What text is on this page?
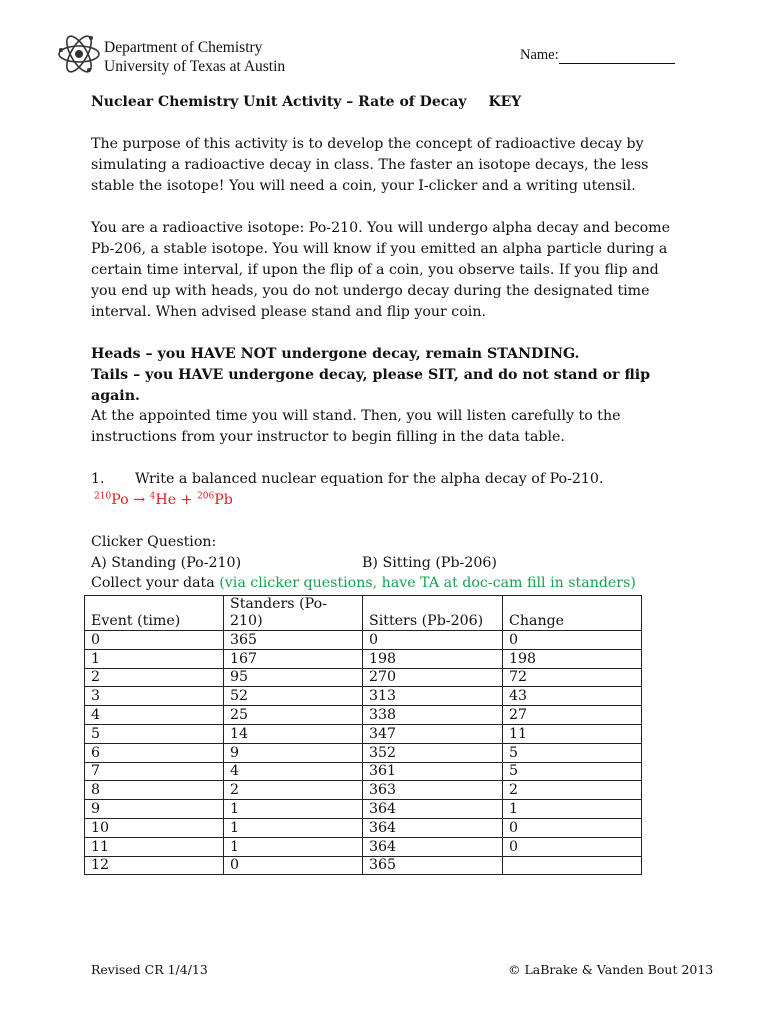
Department of Chemistry
University of Texas at Austin
Name:
Nuclear Chemistry Unit Activity – Rate of Decay KEY
The purpose of this activity is to develop the concept of radioactive decay by simulating a radioactive decay in class. The faster an isotope decays, the less stable the isotope! You will need a coin, your I-clicker and a writing utensil.
You are a radioactive isotope: Po-210. You will undergo alpha decay and become Pb-206, a stable isotope. You will know if you emitted an alpha particle during a certain time interval, if upon the flip of a coin, you observe tails. If you flip and you end up with heads, you do not undergo decay during the designated time interval. When advised please stand and flip your coin.
Heads – you HAVE NOT undergone decay, remain STANDING.
Tails – you HAVE undergone decay, please SIT, and do not stand or flip again.
At the appointed time you will stand. Then, you will listen carefully to the instructions from your instructor to begin filling in the data table.
1. Write a balanced nuclear equation for the alpha decay of Po-210.
$^{210}$Po → $^4$He + $^{206}$Pb
Clicker Question:
A) Standing (Po-210)	B) Sitting (Pb-206)
Collect your data (via clicker questions, have TA at doc-cam fill in standers)
Event (time)	Standers (Po-210)	Sitters (Pb-206)	Change
0	365	0	0
1	167	198	198
2	95	270	72
3	52	313	43
4	25	338	27
5	14	347	11
6	9	352	5
7	4	361	5
8	2	363	2
9	1	364	1
10	1	364	0
11	1	364	0
12	0	365	
Revised CR 1/4/13	© LaBrake & Vanden Bout 2013
